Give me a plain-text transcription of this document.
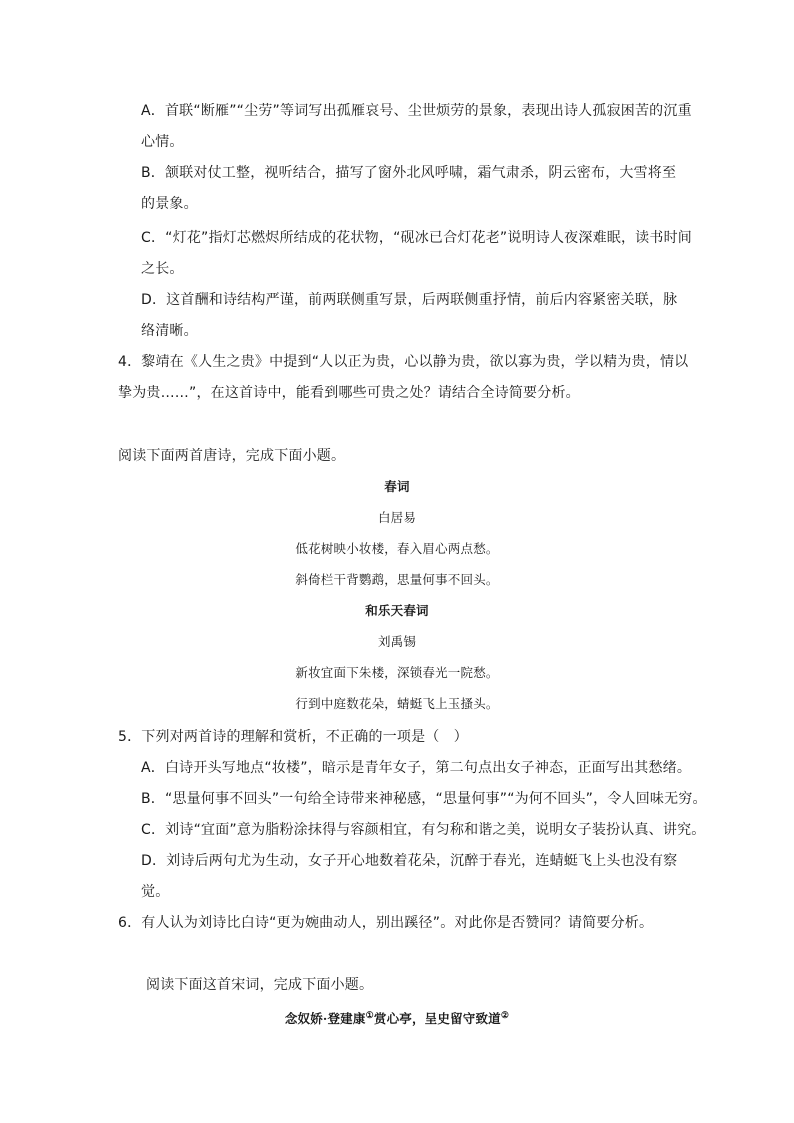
A．首联“断雁”“尘劳”等词写出孤雁哀号、尘世烦劳的景象，表现出诗人孤寂困苦的沉重
心情。
B．颔联对仗工整，视听结合，描写了窗外北风呼啸，霜气肃杀，阴云密布，大雪将至
的景象。
C．“灯花”指灯芯燃烬所结成的花状物，“砚冰已合灯花老”说明诗人夜深难眠，读书时间
之长。
D．这首酬和诗结构严谨，前两联侧重写景，后两联侧重抒情，前后内容紧密关联，脉
络清晰。
4．黎靖在《人生之贵》中提到“人以正为贵，心以静为贵，欲以寡为贵，学以精为贵，情以
挚为贵……”，在这首诗中，能看到哪些可贵之处？请结合全诗简要分析。
阅读下面两首唐诗，完成下面小题。
春词
白居易
低花树映小妆楼，春入眉心两点愁。
斜倚栏干背鹦鹉，思量何事不回头。
和乐天春词
刘禹锡
新妆宜面下朱楼，深锁春光一院愁。
行到中庭数花朵，蜻蜓飞上玉搔头。
5．下列对两首诗的理解和赏析，不正确的一项是（　）
A．白诗开头写地点“妆楼”，暗示是青年女子，第二句点出女子神态，正面写出其愁绪。
B．“思量何事不回头”一句给全诗带来神秘感，“思量何事”“为何不回头”，令人回味无穷。
C．刘诗“宜面”意为脂粉涂抹得与容颜相宜，有匀称和谐之美，说明女子装扮认真、讲究。
D．刘诗后两句尤为生动，女子开心地数着花朵，沉醉于春光，连蜻蜓飞上头也没有察
觉。
6．有人认为刘诗比白诗“更为婉曲动人，别出蹊径”。对此你是否赞同？请简要分析。
阅读下面这首宋词，完成下面小题。
念奴娇·登建康①赏心亭，呈史留守致道②
